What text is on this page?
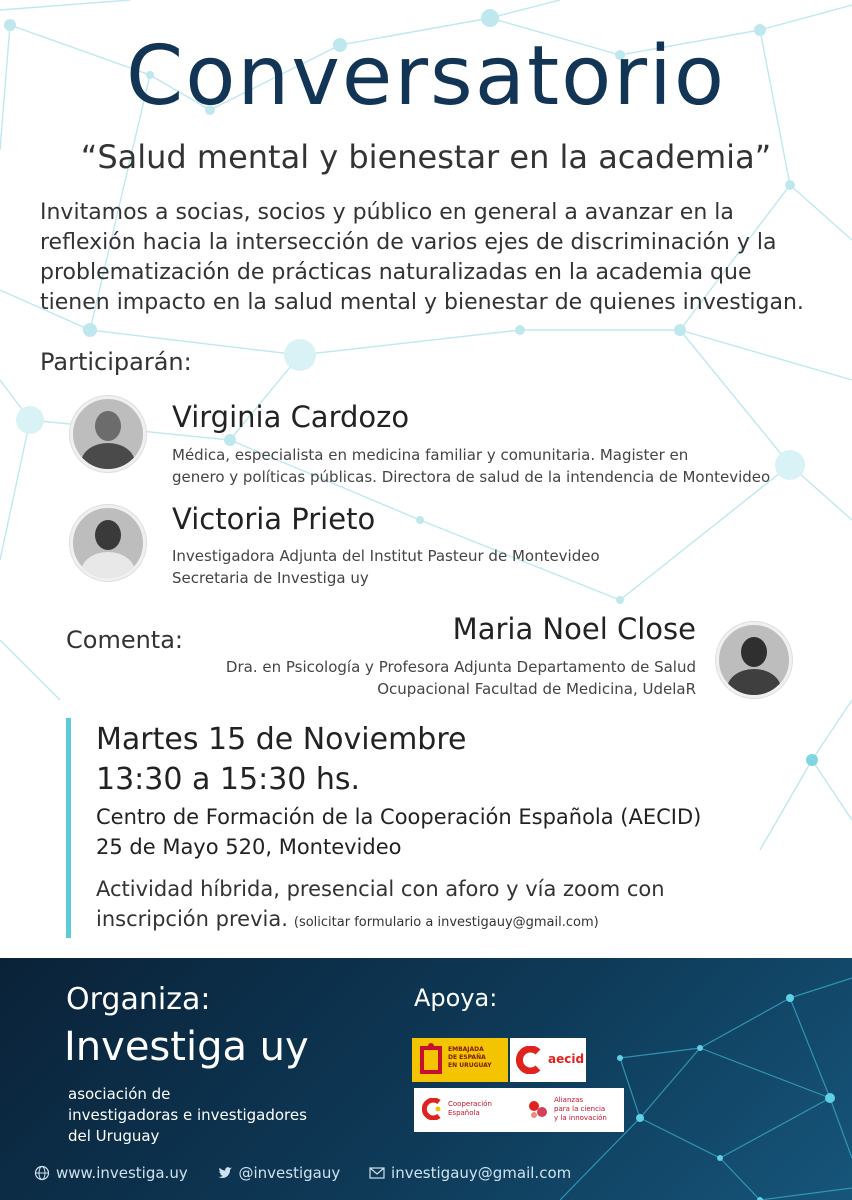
Conversatorio
“Salud mental y bienestar en la academia”
Invitamos a socias, socios y público en general a avanzar en la reflexión hacia la intersección de varios ejes de discriminación y la problematización de prácticas naturalizadas en la academia que tienen impacto en la salud mental y bienestar de quienes investigan.
Participarán:
Virginia Cardozo
Médica, especialista en medicina familiar y comunitaria. Magister en
genero y políticas públicas. Directora de salud de la intendencia de Montevideo
Victoria Prieto
Investigadora Adjunta del Institut Pasteur de Montevideo
Secretaria de Investiga uy
Comenta:	Maria Noel Close
Dra. en Psicología y Profesora Adjunta Departamento de Salud
Ocupacional Facultad de Medicina, UdelaR
Martes 15 de Noviembre
13:30 a 15:30 hs.
Centro de Formación de la Cooperación Española (AECID)
25 de Mayo 520, Montevideo
Actividad híbrida, presencial con aforo y vía zoom con
inscripción previa. (solicitar formulario a investigauy@gmail.com)
Organiza:
Investiga uy
asociación de
investigadoras e investigadores
del Uruguay
Apoya:
EMBAJADA
DE ESPAÑA
EN URUGUAY	aecid
Cooperación
Española
Alianzas
para la ciencia
y la innovación
www.investiga.uy
	@investigauy
	investigauy@gmail.com
